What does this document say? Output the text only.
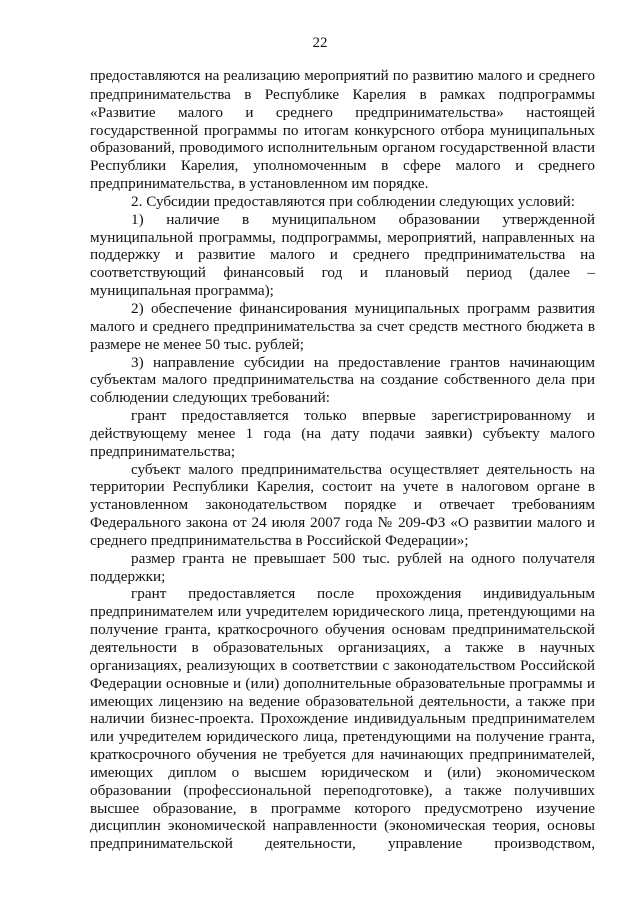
22
предоставляются на реализацию мероприятий по развитию малого и среднего
предпринимательства в Республике Карелия в рамках подпрограммы
«Развитие малого и среднего предпринимательства» настоящей
государственной программы по итогам конкурсного отбора муниципальных
образований, проводимого исполнительным органом государственной власти
Республики Карелия, уполномоченным в сфере малого и среднего
предпринимательства, в установленном им порядке.
2. Субсидии предоставляются при соблюдении следующих условий:
1) наличие в муниципальном образовании утвержденной
муниципальной программы, подпрограммы, мероприятий, направленных на
поддержку и развитие малого и среднего предпринимательства на
соответствующий финансовый год и плановый период (далее –
муниципальная программа);
2) обеспечение финансирования муниципальных программ развития
малого и среднего предпринимательства за счет средств местного бюджета в
размере не менее 50 тыс. рублей;
3) направление субсидии на предоставление грантов начинающим
субъектам малого предпринимательства на создание собственного дела при
соблюдении следующих требований:
грант предоставляется только впервые зарегистрированному и
действующему менее 1 года (на дату подачи заявки) субъекту малого
предпринимательства;
субъект малого предпринимательства осуществляет деятельность на
территории Республики Карелия, состоит на учете в налоговом органе в
установленном законодательством порядке и отвечает требованиям
Федерального закона от 24 июля 2007 года № 209-ФЗ «О развитии малого и
среднего предпринимательства в Российской Федерации»;
размер гранта не превышает 500 тыс. рублей на одного получателя
поддержки;
грант предоставляется после прохождения индивидуальным
предпринимателем или учредителем юридического лица, претендующими на
получение гранта, краткосрочного обучения основам предпринимательской
деятельности в образовательных организациях, а также в научных
организациях, реализующих в соответствии с законодательством Российской
Федерации основные и (или) дополнительные образовательные программы и
имеющих лицензию на ведение образовательной деятельности, а также при
наличии бизнес-проекта. Прохождение индивидуальным предпринимателем
или учредителем юридического лица, претендующими на получение гранта,
краткосрочного обучения не требуется для начинающих предпринимателей,
имеющих диплом о высшем юридическом и (или) экономическом
образовании (профессиональной переподготовке), а также получивших
высшее образование, в программе которого предусмотрено изучение
дисциплин экономической направленности (экономическая теория, основы
предпринимательской деятельности, управление производством,
